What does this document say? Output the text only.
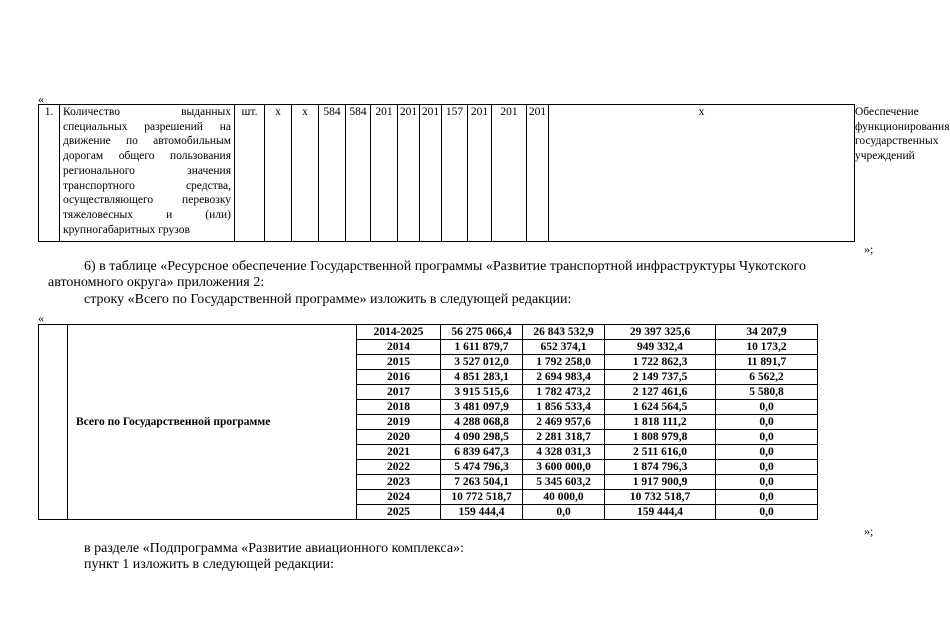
«
1.	Количество выданных
специальных разрешений на
движение по автомобильным
дорогам общего пользования
регионального значения
транспортного средства,
осуществляющего перевозку
тяжеловесных и (или)
крупногабаритных грузов
	шт.	х	х	584	584	201	201	201	157	201	201	201	х	Обеспечение функционирования государственных учреждений
»;
6) в таблице «Ресурсное обеспечение Государственной программы «Развитие транспортной инфраструктуры Чукотского
автономного округа» приложения 2:
строку «Всего по Государственной программе» изложить в следующей редакции:
«
	Всего по Государственной программе	2014-2025	56 275 066,4	26 843 532,9	29 397 325,6	34 207,9
		2014	1 611 879,7	652 374,1	949 332,4	10 173,2
		2015	3 527 012,0	1 792 258,0	1 722 862,3	11 891,7
		2016	4 851 283,1	2 694 983,4	2 149 737,5	6 562,2
		2017	3 915 515,6	1 782 473,2	2 127 461,6	5 580,8
		2018	3 481 097,9	1 856 533,4	1 624 564,5	0,0
		2019	4 288 068,8	2 469 957,6	1 818 111,2	0,0
		2020	4 090 298,5	2 281 318,7	1 808 979,8	0,0
		2021	6 839 647,3	4 328 031,3	2 511 616,0	0,0
		2022	5 474 796,3	3 600 000,0	1 874 796,3	0,0
		2023	7 263 504,1	5 345 603,2	1 917 900,9	0,0
		2024	10 772 518,7	40 000,0	10 732 518,7	0,0
		2025	159 444,4	0,0	159 444,4	0,0
»;
в разделе «Подпрограмма «Развитие авиационного комплекса»:
пункт 1 изложить в следующей редакции:
